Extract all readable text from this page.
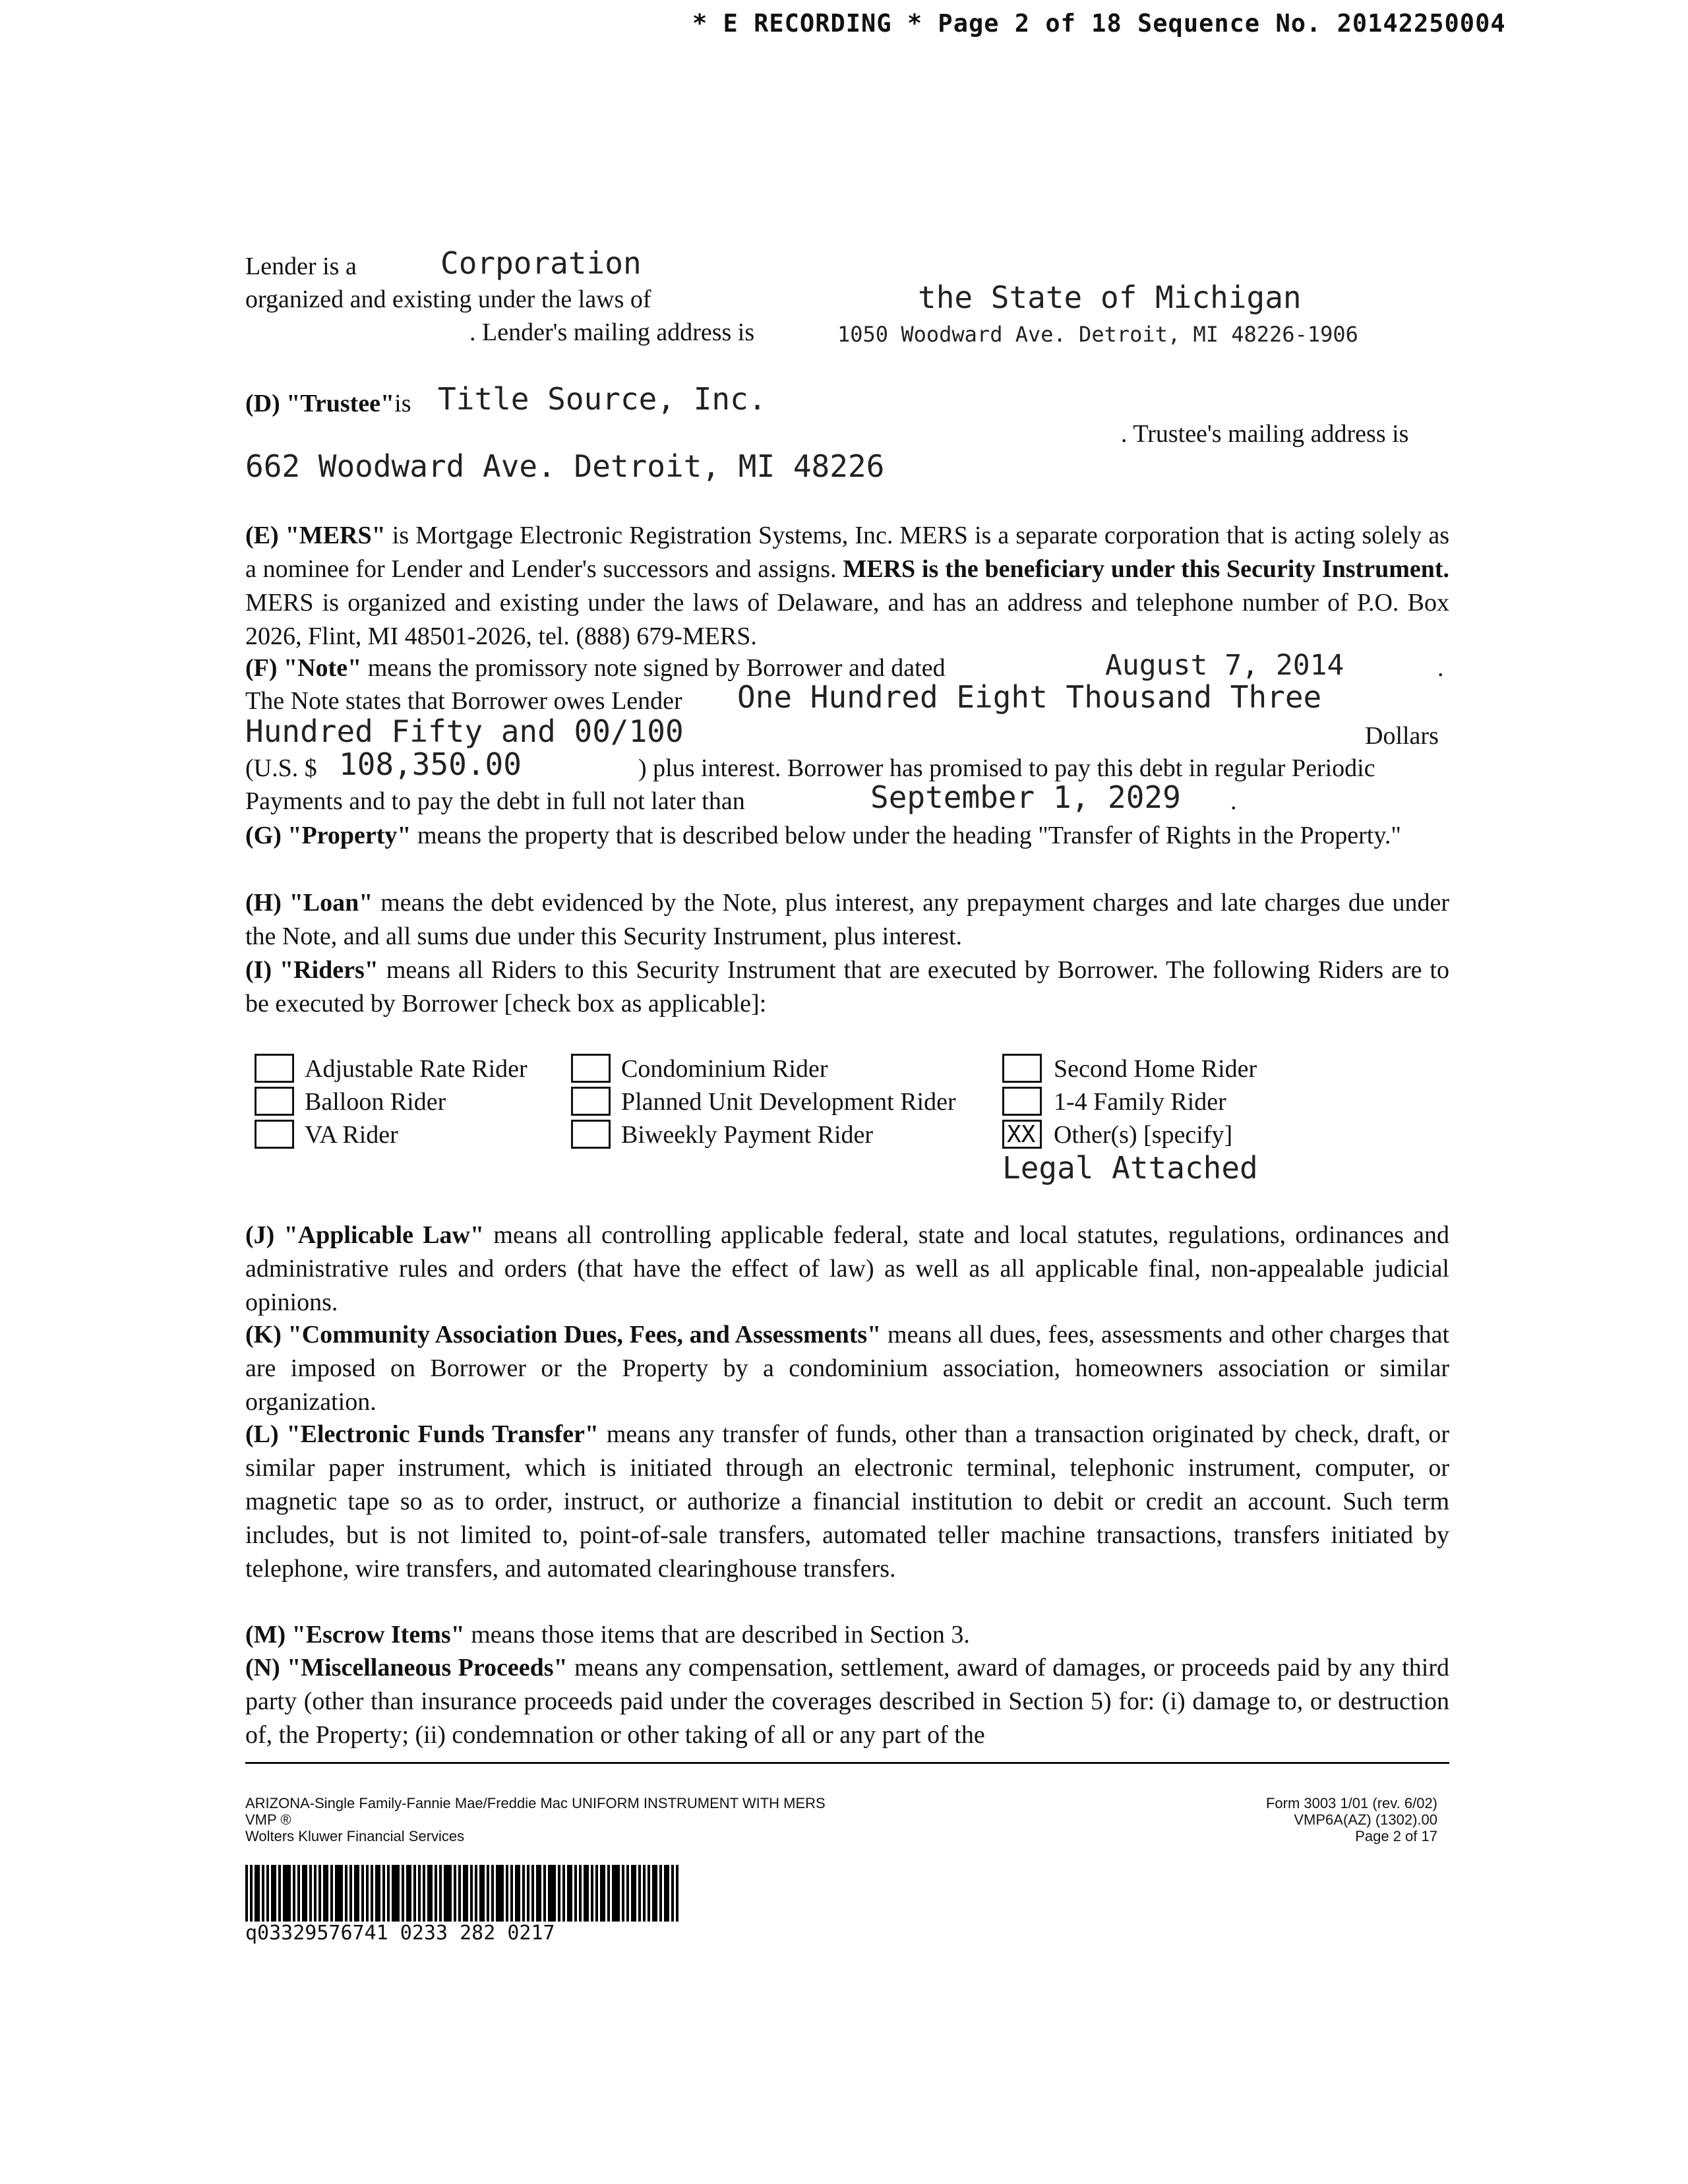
* E RECORDING * Page 2 of 18 Sequence No. 20142250004
Lender is a	Corporation
organized and existing under the laws of	the State of Michigan
. Lender's mailing address is	1050 Woodward Ave. Detroit, MI 48226-1906
(D) "Trustee"is Title Source, Inc.
. Trustee's mailing address is
662 Woodward Ave. Detroit, MI 48226
(E) "MERS" is Mortgage Electronic Registration Systems, Inc. MERS is a separate corporation that is acting solely as a nominee for Lender and Lender's successors and assigns. MERS is the beneficiary under this Security Instrument. MERS is organized and existing under the laws of Delaware, and has an address and telephone number of P.O. Box 2026, Flint, MI 48501-2026, tel. (888) 679-MERS.
(F) "Note" means the promissory note signed by Borrower and dated	August 7, 2014	.
The Note states that Borrower owes Lender One Hundred Eight Thousand Three
Hundred Fifty and 00/100	Dollars
(U.S. $ 108,350.00	) plus interest. Borrower has promised to pay this debt in regular Periodic
Payments and to pay the debt in full not later than	September 1, 2029 .
(G) "Property" means the property that is described below under the heading "Transfer of Rights in the Property."
(H) "Loan" means the debt evidenced by the Note, plus interest, any prepayment charges and late charges due under the Note, and all sums due under this Security Instrument, plus interest.
(I) "Riders" means all Riders to this Security Instrument that are executed by Borrower. The following Riders are to be executed by Borrower [check box as applicable]:
Adjustable Rate Rider	Condominium Rider	Second Home Rider
Balloon Rider	Planned Unit Development Rider	1-4 Family Rider
VA Rider	Biweekly Payment Rider	XX Other(s) [specify]
Legal Attached
(J) "Applicable Law" means all controlling applicable federal, state and local statutes, regulations, ordinances and administrative rules and orders (that have the effect of law) as well as all applicable final, non-appealable judicial opinions.
(K) "Community Association Dues, Fees, and Assessments" means all dues, fees, assessments and other charges that are imposed on Borrower or the Property by a condominium association, homeowners association or similar organization.
(L) "Electronic Funds Transfer" means any transfer of funds, other than a transaction originated by check, draft, or similar paper instrument, which is initiated through an electronic terminal, telephonic instrument, computer, or magnetic tape so as to order, instruct, or authorize a financial institution to debit or credit an account. Such term includes, but is not limited to, point-of-sale transfers, automated teller machine transactions, transfers initiated by telephone, wire transfers, and automated clearinghouse transfers.
(M) "Escrow Items" means those items that are described in Section 3.
(N) "Miscellaneous Proceeds" means any compensation, settlement, award of damages, or proceeds paid by any third party (other than insurance proceeds paid under the coverages described in Section 5) for: (i) damage to, or destruction of, the Property; (ii) condemnation or other taking of all or any part of the
ARIZONA-Single Family-Fannie Mae/Freddie Mac UNIFORM INSTRUMENT WITH MERS
VMP ®
Wolters Kluwer Financial Services
Form 3003 1/01 (rev. 6/02)
VMP6A(AZ) (1302).00
Page 2 of 17
q03329576741 0233 282 0217
